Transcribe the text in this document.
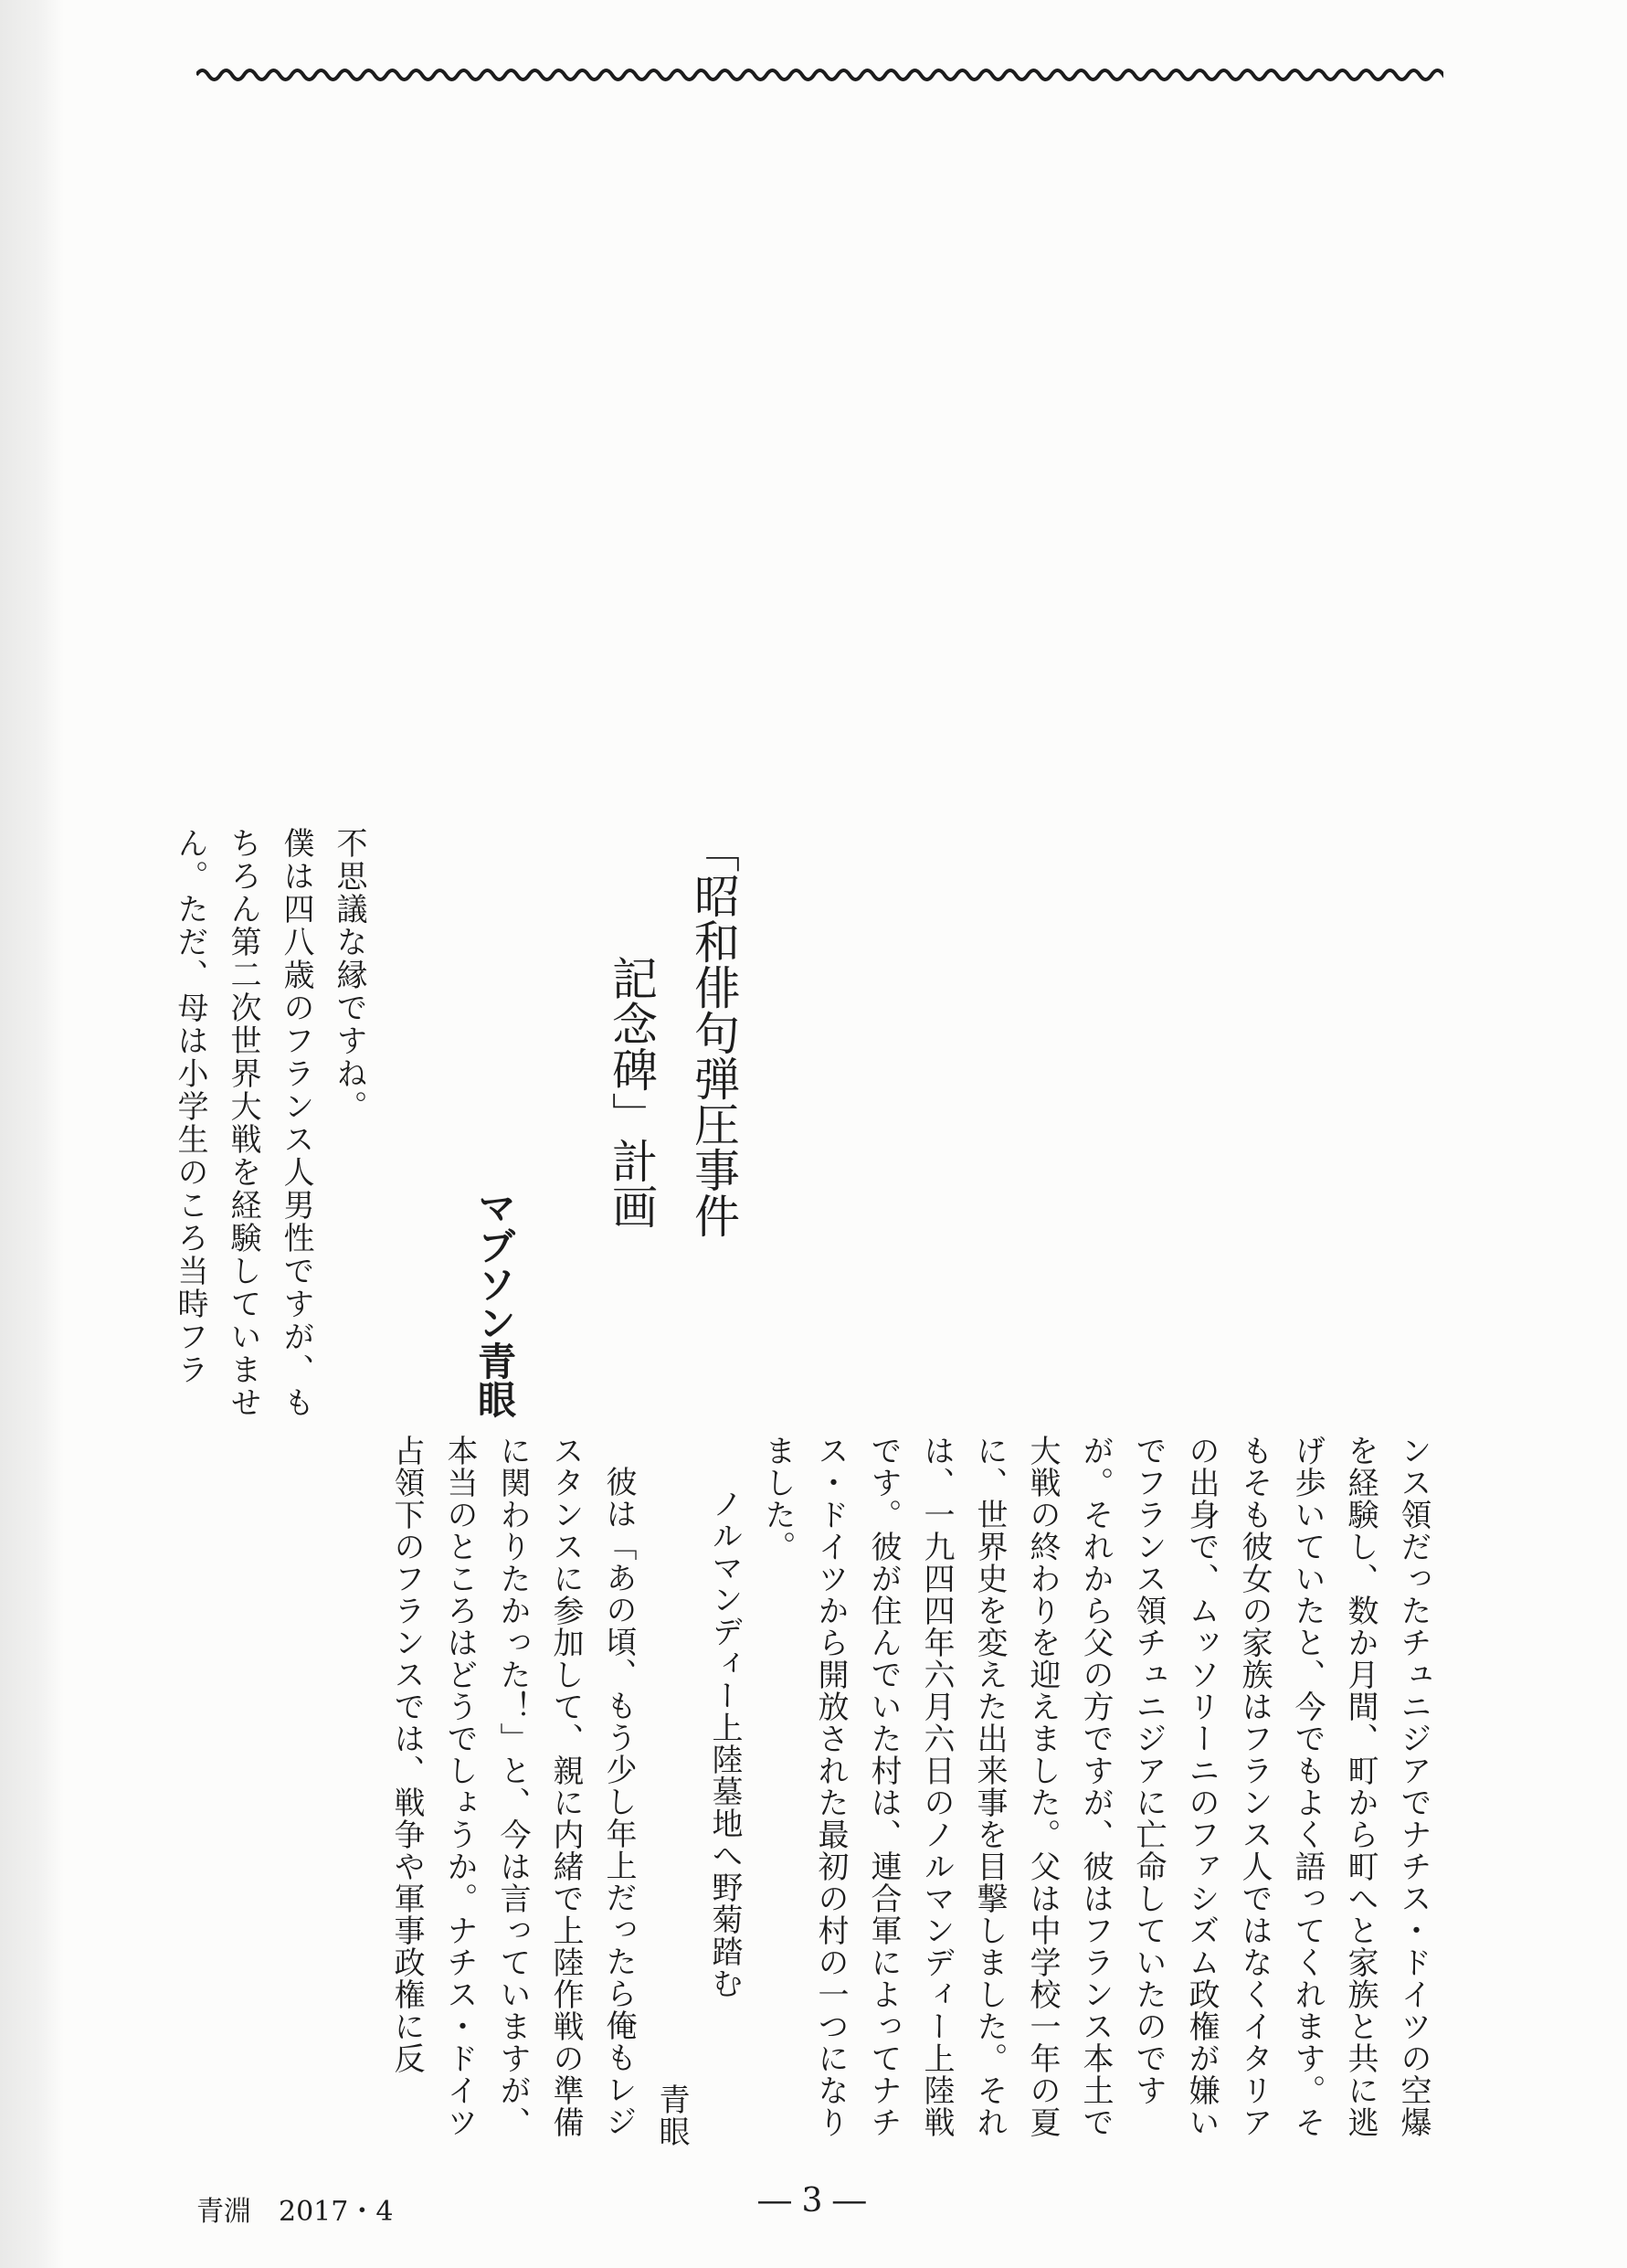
「昭和俳句弾圧事件
記念碑」計画
マブソン青眼

不思議な縁ですね。

僕は四八歳のフランス人男性ですが、もちろん第二次世界大戦を経験していません。ただ、母は小学生のころ当時フラ

ンス領だったチュニジアでナチス・ドイツの空爆を経験し、数か月間、町から町へと家族と共に逃げ歩いていたと、今でもよく語ってくれます。そもそも彼女の家族はフランス人ではなくイタリアの出身で、ムッソリーニのファシズム政権が嫌いでフランス領チュニジアに亡命していたのですが。それから父の方ですが、彼はフランス本土で大戦の終わりを迎えました。父は中学校一年の夏に、世界史を変えた出来事を目撃しました。それは、一九四四年六月六日のノルマンディー上陸戦です。彼が住んでいた村は、連合軍によってナチス・ドイツから開放された最初の村の一つになりました。

ノルマンディー上陸墓地へ野菊踏む

青眼

彼は「あの頃、もう少し年上だったら俺もレジスタンスに参加して、親に内緒で上陸作戦の準備に関わりたかった！」と、今は言っていますが、本当のところはどうでしょうか。ナチス・ドイツ占領下のフランスでは、戦争や軍事政権に反

青淵　2017・4	― 3 ―
